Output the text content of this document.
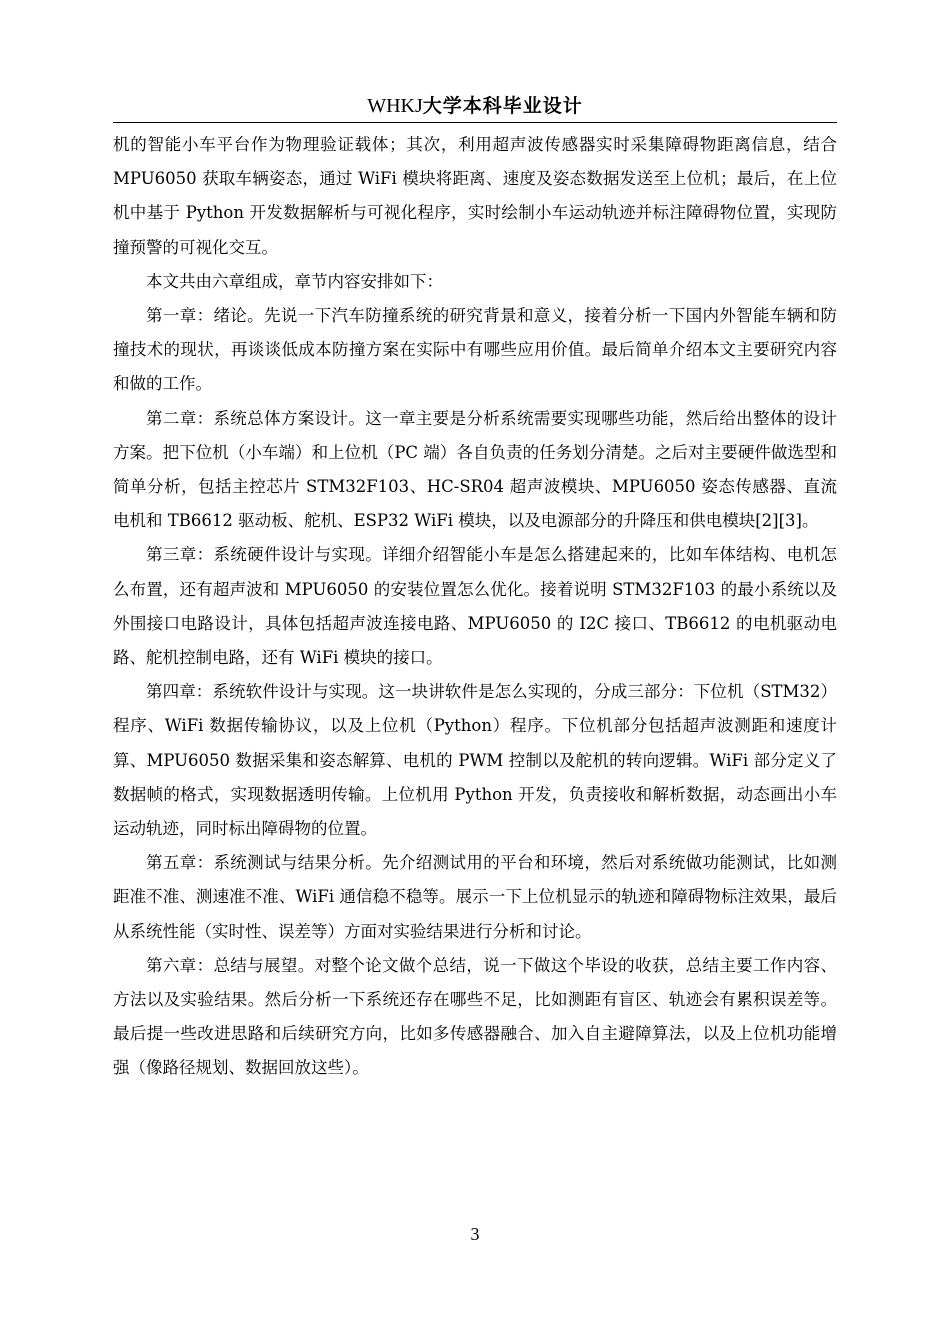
WHKJ大学本科毕业设计

机的智能小车平台作为物理验证载体；其次，利用超声波传感器实时采集障碍物距离信息，结合 MPU6050 获取车辆姿态，通过 WiFi 模块将距离、速度及姿态数据发送至上位机；最后，在上位机中基于 Python 开发数据解析与可视化程序，实时绘制小车运动轨迹并标注障碍物位置，实现防撞预警的可视化交互。

本文共由六章组成，章节内容安排如下：

第一章：绪论。先说一下汽车防撞系统的研究背景和意义，接着分析一下国内外智能车辆和防撞技术的现状，再谈谈低成本防撞方案在实际中有哪些应用价值。最后简单介绍本文主要研究内容和做的工作。

第二章：系统总体方案设计。这一章主要是分析系统需要实现哪些功能，然后给出整体的设计方案。把下位机（小车端）和上位机（PC 端）各自负责的任务划分清楚。之后对主要硬件做选型和简单分析，包括主控芯片 STM32F103、HC-SR04 超声波模块、MPU6050 姿态传感器、直流电机和 TB6612 驱动板、舵机、ESP32 WiFi 模块，以及电源部分的升降压和供电模块[2][3]。

第三章：系统硬件设计与实现。详细介绍智能小车是怎么搭建起来的，比如车体结构、电机怎么布置，还有超声波和 MPU6050 的安装位置怎么优化。接着说明 STM32F103 的最小系统以及外围接口电路设计，具体包括超声波连接电路、MPU6050 的 I2C 接口、TB6612 的电机驱动电路、舵机控制电路，还有 WiFi 模块的接口。

第四章：系统软件设计与实现。这一块讲软件是怎么实现的，分成三部分：下位机（STM32）程序、WiFi 数据传输协议，以及上位机（Python）程序。下位机部分包括超声波测距和速度计算、MPU6050 数据采集和姿态解算、电机的 PWM 控制以及舵机的转向逻辑。WiFi 部分定义了数据帧的格式，实现数据透明传输。上位机用 Python 开发，负责接收和解析数据，动态画出小车运动轨迹，同时标出障碍物的位置。

第五章：系统测试与结果分析。先介绍测试用的平台和环境，然后对系统做功能测试，比如测距准不准、测速准不准、WiFi 通信稳不稳等。展示一下上位机显示的轨迹和障碍物标注效果，最后从系统性能（实时性、误差等）方面对实验结果进行分析和讨论。

第六章：总结与展望。对整个论文做个总结，说一下做这个毕设的收获，总结主要工作内容、方法以及实验结果。然后分析一下系统还存在哪些不足，比如测距有盲区、轨迹会有累积误差等。最后提一些改进思路和后续研究方向，比如多传感器融合、加入自主避障算法，以及上位机功能增强（像路径规划、数据回放这些）。

3
